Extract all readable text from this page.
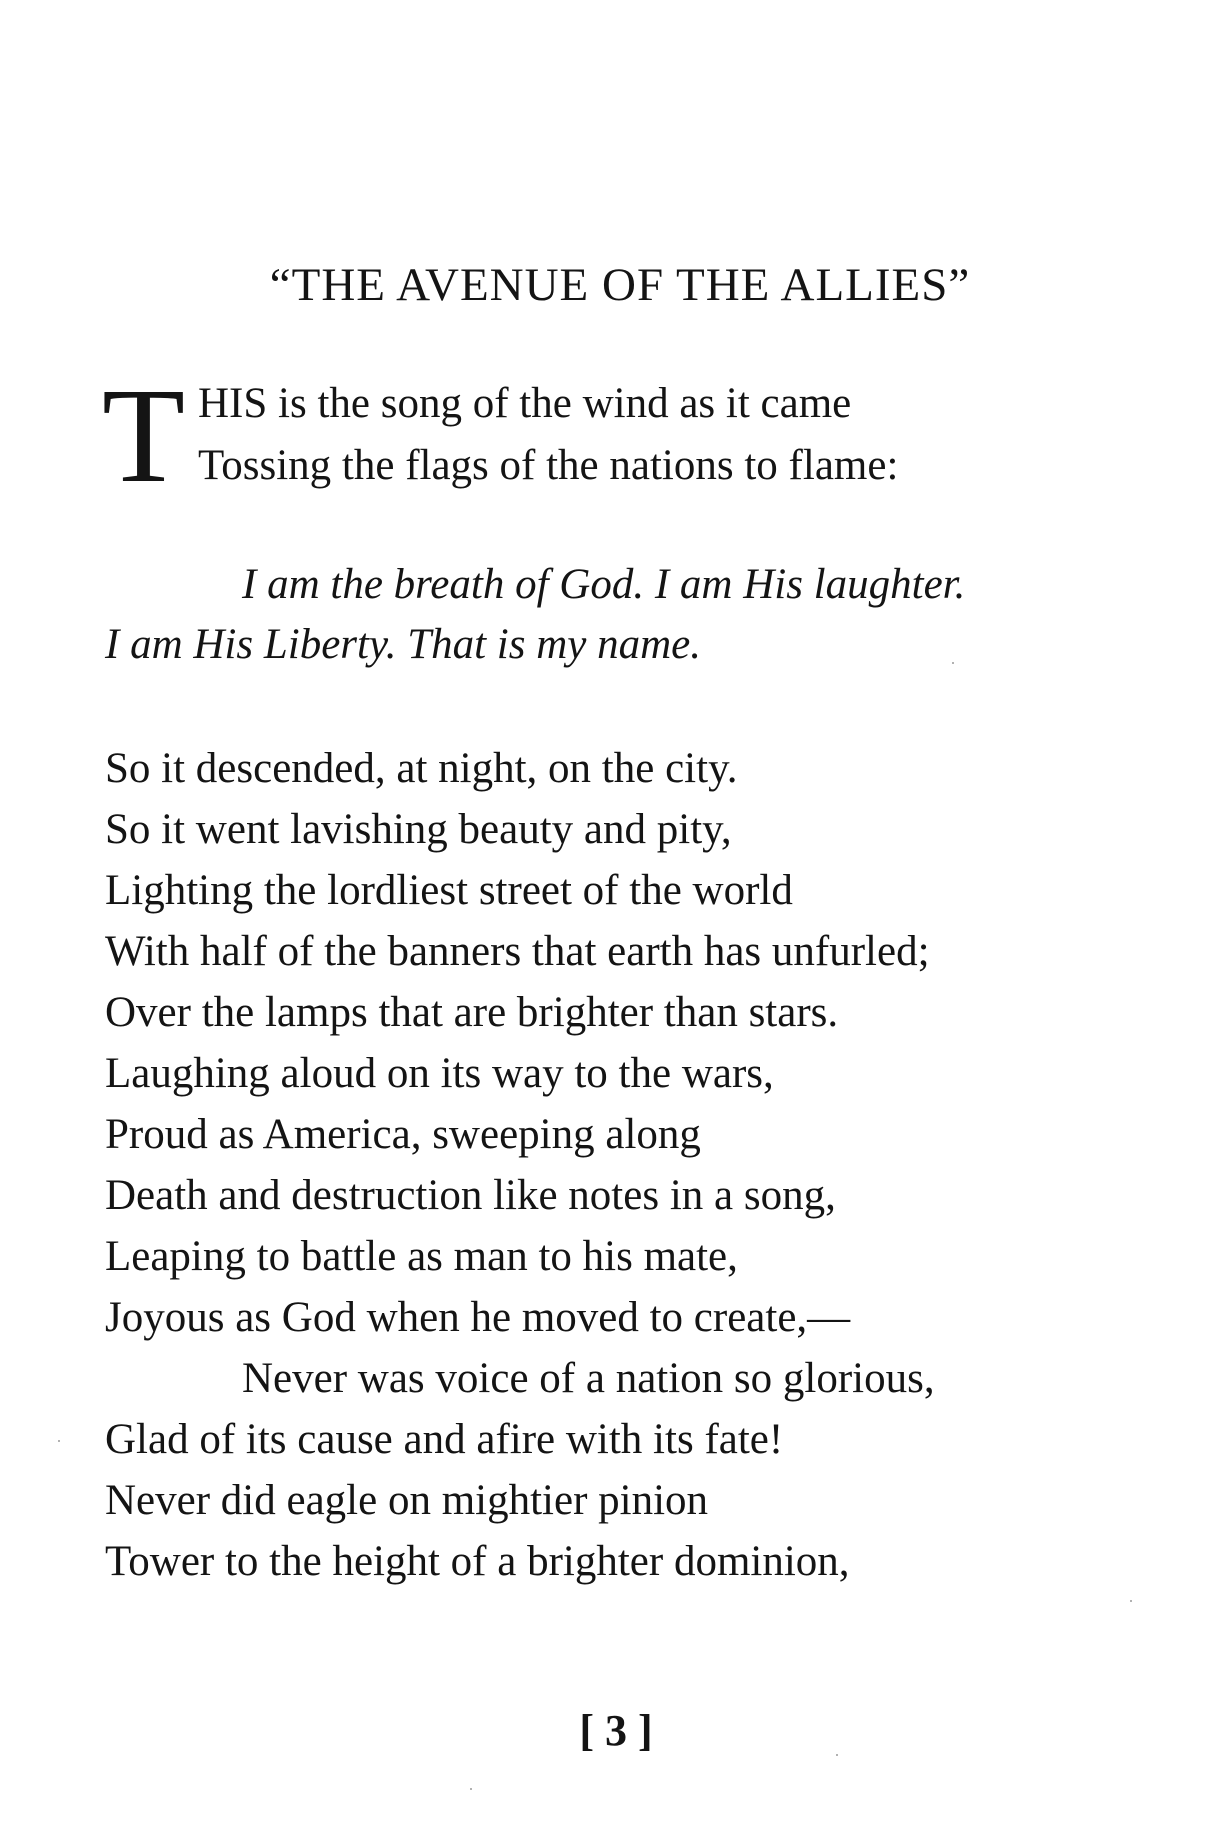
“THE AVENUE OF THE ALLIES”
T HIS is the song of the wind as it came
Tossing the flags of the nations to flame:
I am the breath of God. I am His laughter.
I am His Liberty. That is my name.
So it descended, at night, on the city.
So it went lavishing beauty and pity,
Lighting the lordliest street of the world
With half of the banners that earth has unfurled;
Over the lamps that are brighter than stars.
Laughing aloud on its way to the wars,
Proud as America, sweeping along
Death and destruction like notes in a song,
Leaping to battle as man to his mate,
Joyous as God when he moved to create,—
Never was voice of a nation so glorious,
Glad of its cause and afire with its fate!
Never did eagle on mightier pinion
Tower to the height of a brighter dominion,
[ 3 ]
